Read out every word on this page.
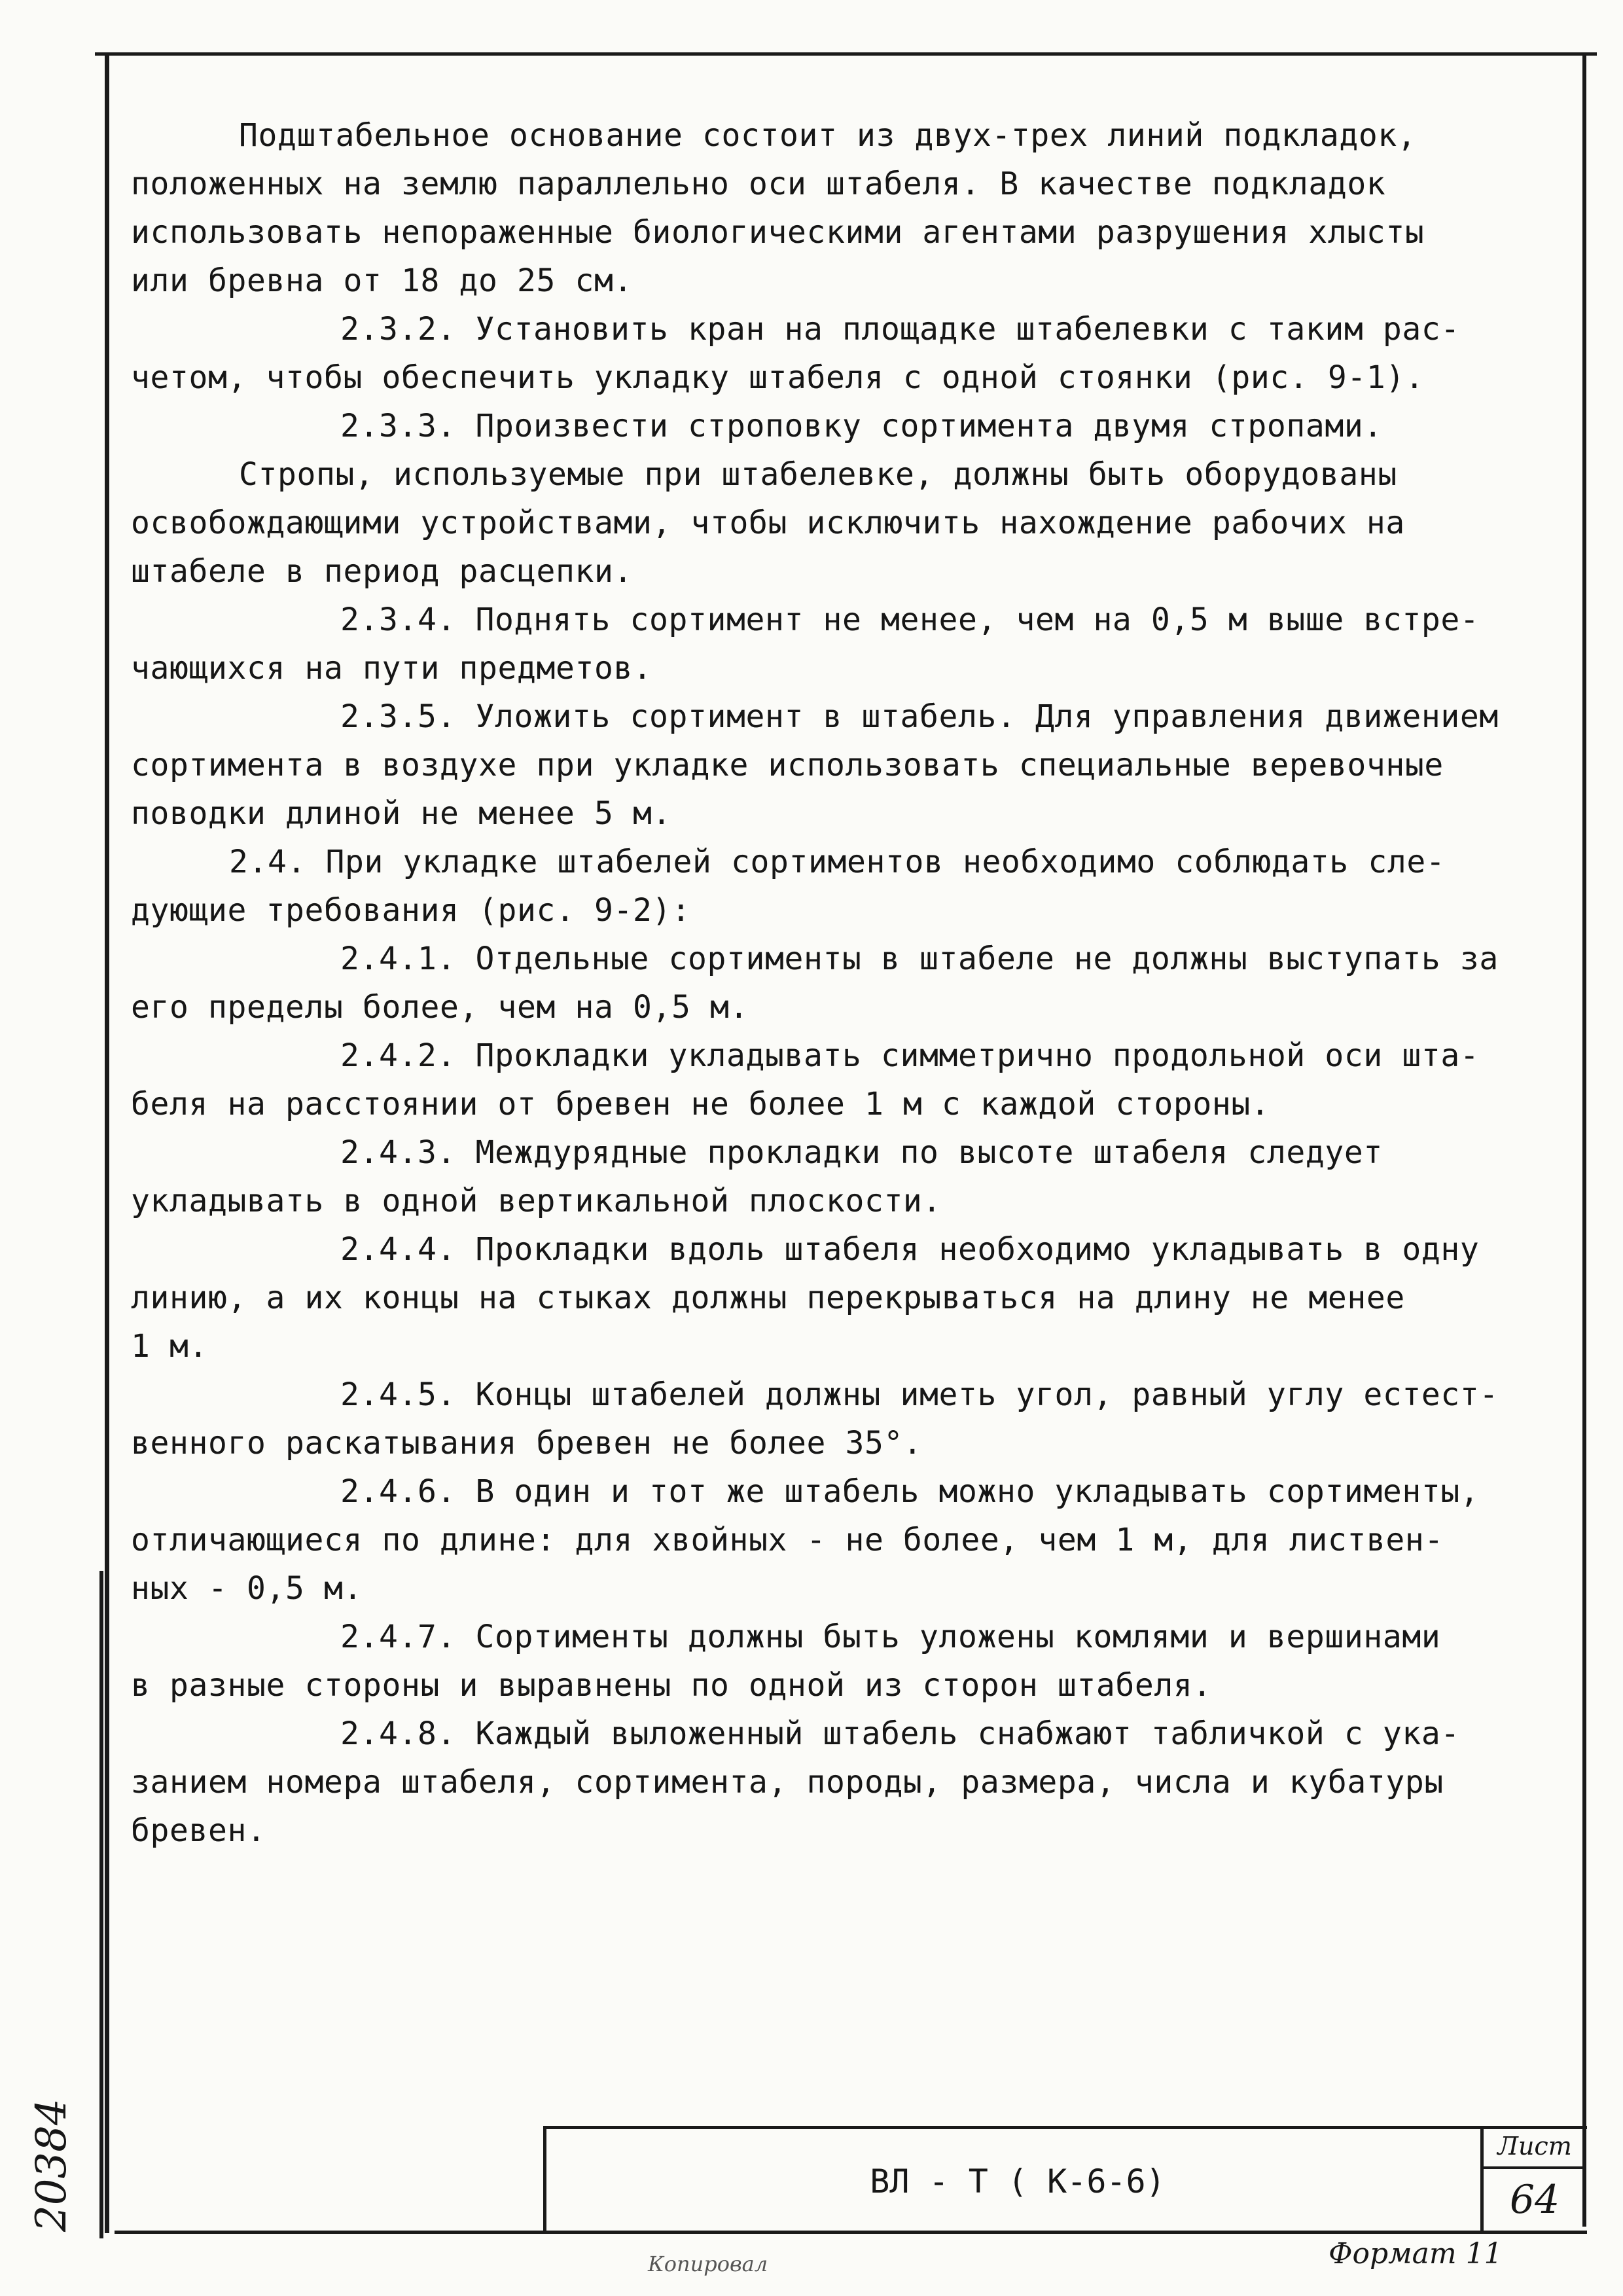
Подштабельное основание состоит из двух-трех линий подкладок,
положенных на землю параллельно оси штабеля. В качестве подкладок
использовать непораженные биологическими агентами разрушения хлысты
или бревна от 18 до 25 см.
2.3.2. Установить кран на площадке штабелевки с таким рас-
четом, чтобы обеспечить укладку штабеля с одной стоянки (рис. 9-1).
2.3.3. Произвести строповку сортимента двумя стропами.
Стропы, используемые при штабелевке, должны быть оборудованы
освобождающими устройствами, чтобы исключить нахождение рабочих на
штабеле в период расцепки.
2.3.4. Поднять сортимент не менее, чем на 0,5 м выше встре-
чающихся на пути предметов.
2.3.5. Уложить сортимент в штабель. Для управления движением
сортимента в воздухе при укладке использовать специальные веревочные
поводки длиной не менее 5 м.
2.4. При укладке штабелей сортиментов необходимо соблюдать сле-
дующие требования (рис. 9-2):
2.4.1. Отдельные сортименты в штабеле не должны выступать за
его пределы более, чем на 0,5 м.
2.4.2. Прокладки укладывать симметрично продольной оси шта-
беля на расстоянии от бревен не более 1 м с каждой стороны.
2.4.3. Междурядные прокладки по высоте штабеля следует
укладывать в одной вертикальной плоскости.
2.4.4. Прокладки вдоль штабеля необходимо укладывать в одну
линию, а их концы на стыках должны перекрываться на длину не менее
1 м.
2.4.5. Концы штабелей должны иметь угол, равный углу естест-
венного раскатывания бревен не более 35°.
2.4.6. В один и тот же штабель можно укладывать сортименты,
отличающиеся по длине: для хвойных - не более, чем 1 м, для листвен-
ных - 0,5 м.
2.4.7. Сортименты должны быть уложены комлями и вершинами
в разные стороны и выравнены по одной из сторон штабеля.
2.4.8. Каждый выложенный штабель снабжают табличкой с ука-
занием номера штабеля, сортимента, породы, размера, числа и кубатуры
бревен.
ВЛ - Т ( К-6-6)
Лист
64
Формат 11
Копировал
20384
